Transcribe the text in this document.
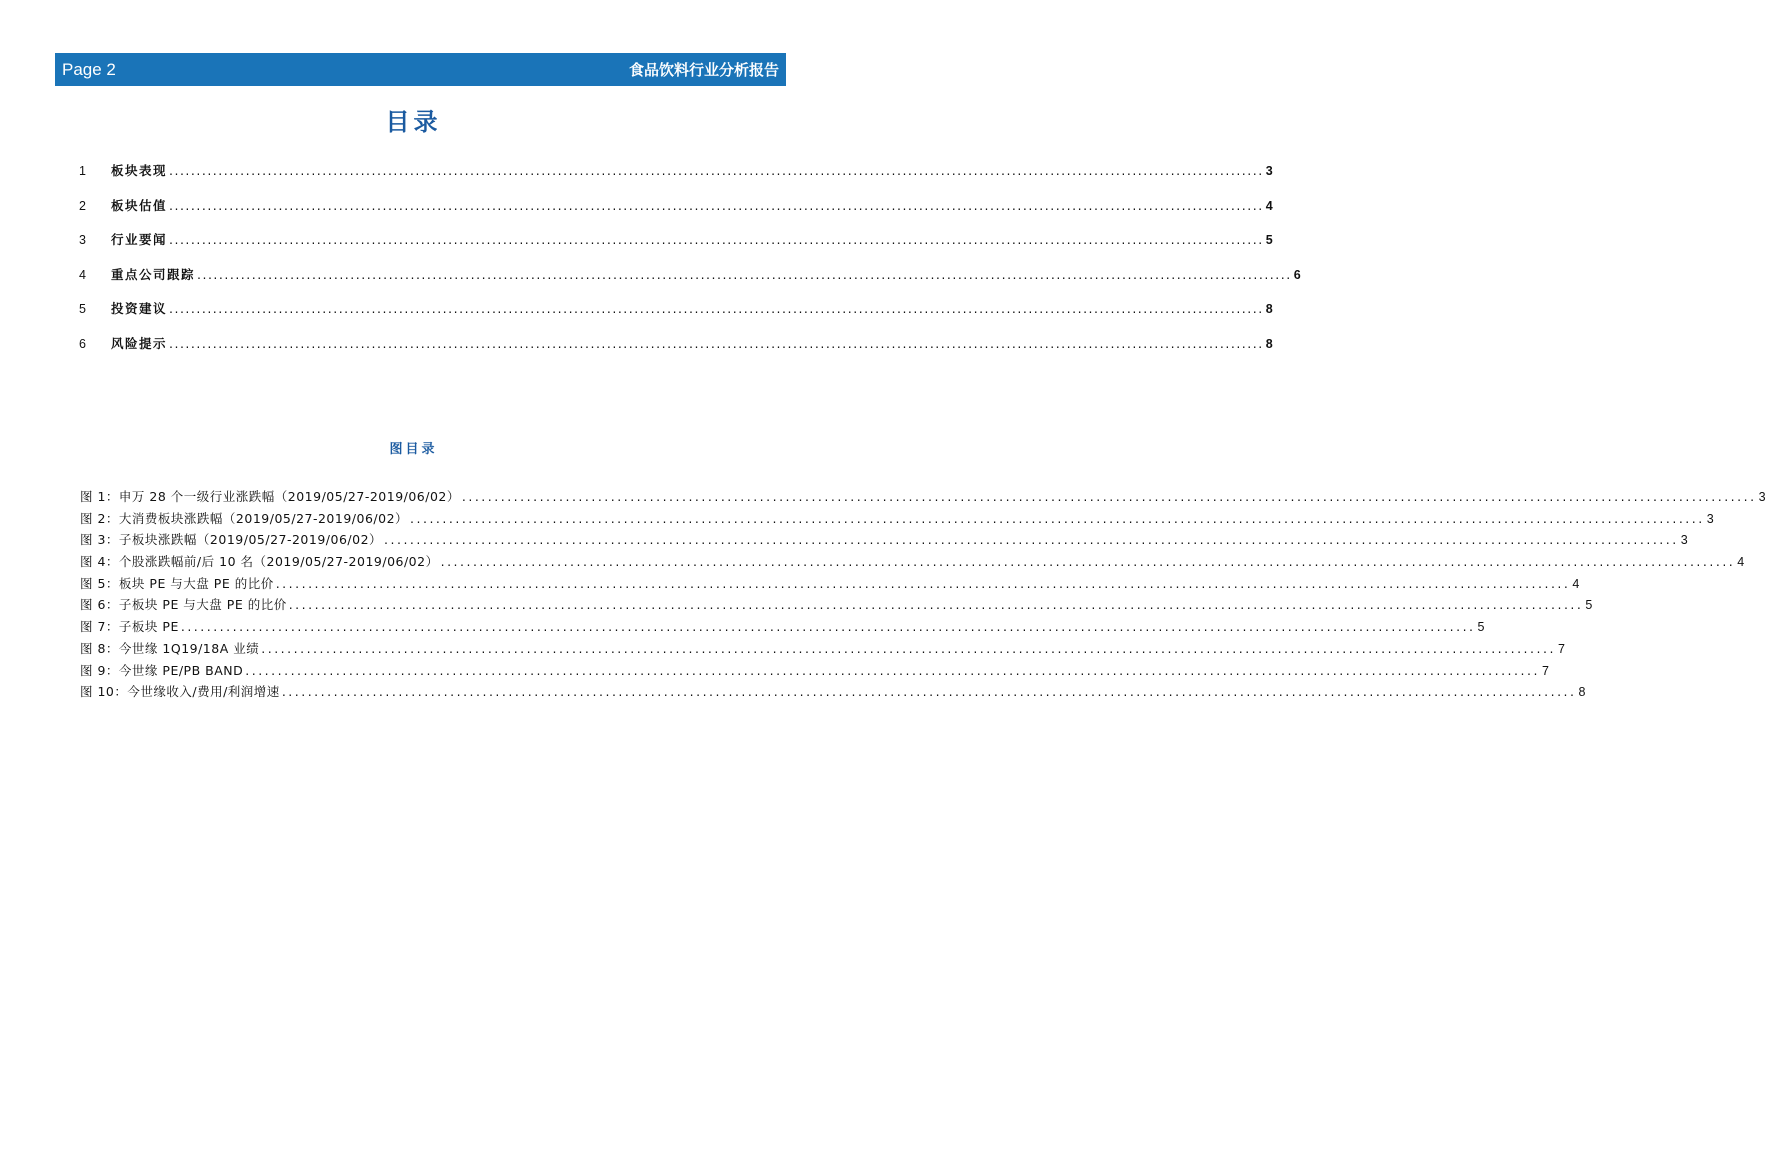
Page 2	食品饮料行业分析报告
目录
1	板块表现 ........................................................................................................................................................................................................ 3
2	板块估值 ........................................................................................................................................................................................................ 4
3	行业要闻 ........................................................................................................................................................................................................ 5
4	重点公司跟踪 ........................................................................................................................................................................................................ 6
5	投资建议 ........................................................................................................................................................................................................ 8
6	风险提示 ........................................................................................................................................................................................................ 8
图目录
图 1：申万 28 个一级行业涨跌幅（2019/05/27-2019/06/02） ........................................................................................................................................................................................................ 3
图 2：大消费板块涨跌幅（2019/05/27-2019/06/02） ........................................................................................................................................................................................................ 3
图 3：子板块涨跌幅（2019/05/27-2019/06/02） ........................................................................................................................................................................................................ 3
图 4：个股涨跌幅前/后 10 名（2019/05/27-2019/06/02） ........................................................................................................................................................................................................ 4
图 5：板块 PE 与大盘 PE 的比价 ........................................................................................................................................................................................................ 4
图 6：子板块 PE 与大盘 PE 的比价 ........................................................................................................................................................................................................ 5
图 7：子板块 PE ........................................................................................................................................................................................................ 5
图 8：今世缘 1Q19/18A 业绩 ........................................................................................................................................................................................................ 7
图 9：今世缘 PE/PB BAND ........................................................................................................................................................................................................ 7
图 10：今世缘收入/费用/利润增速 ........................................................................................................................................................................................................ 8
